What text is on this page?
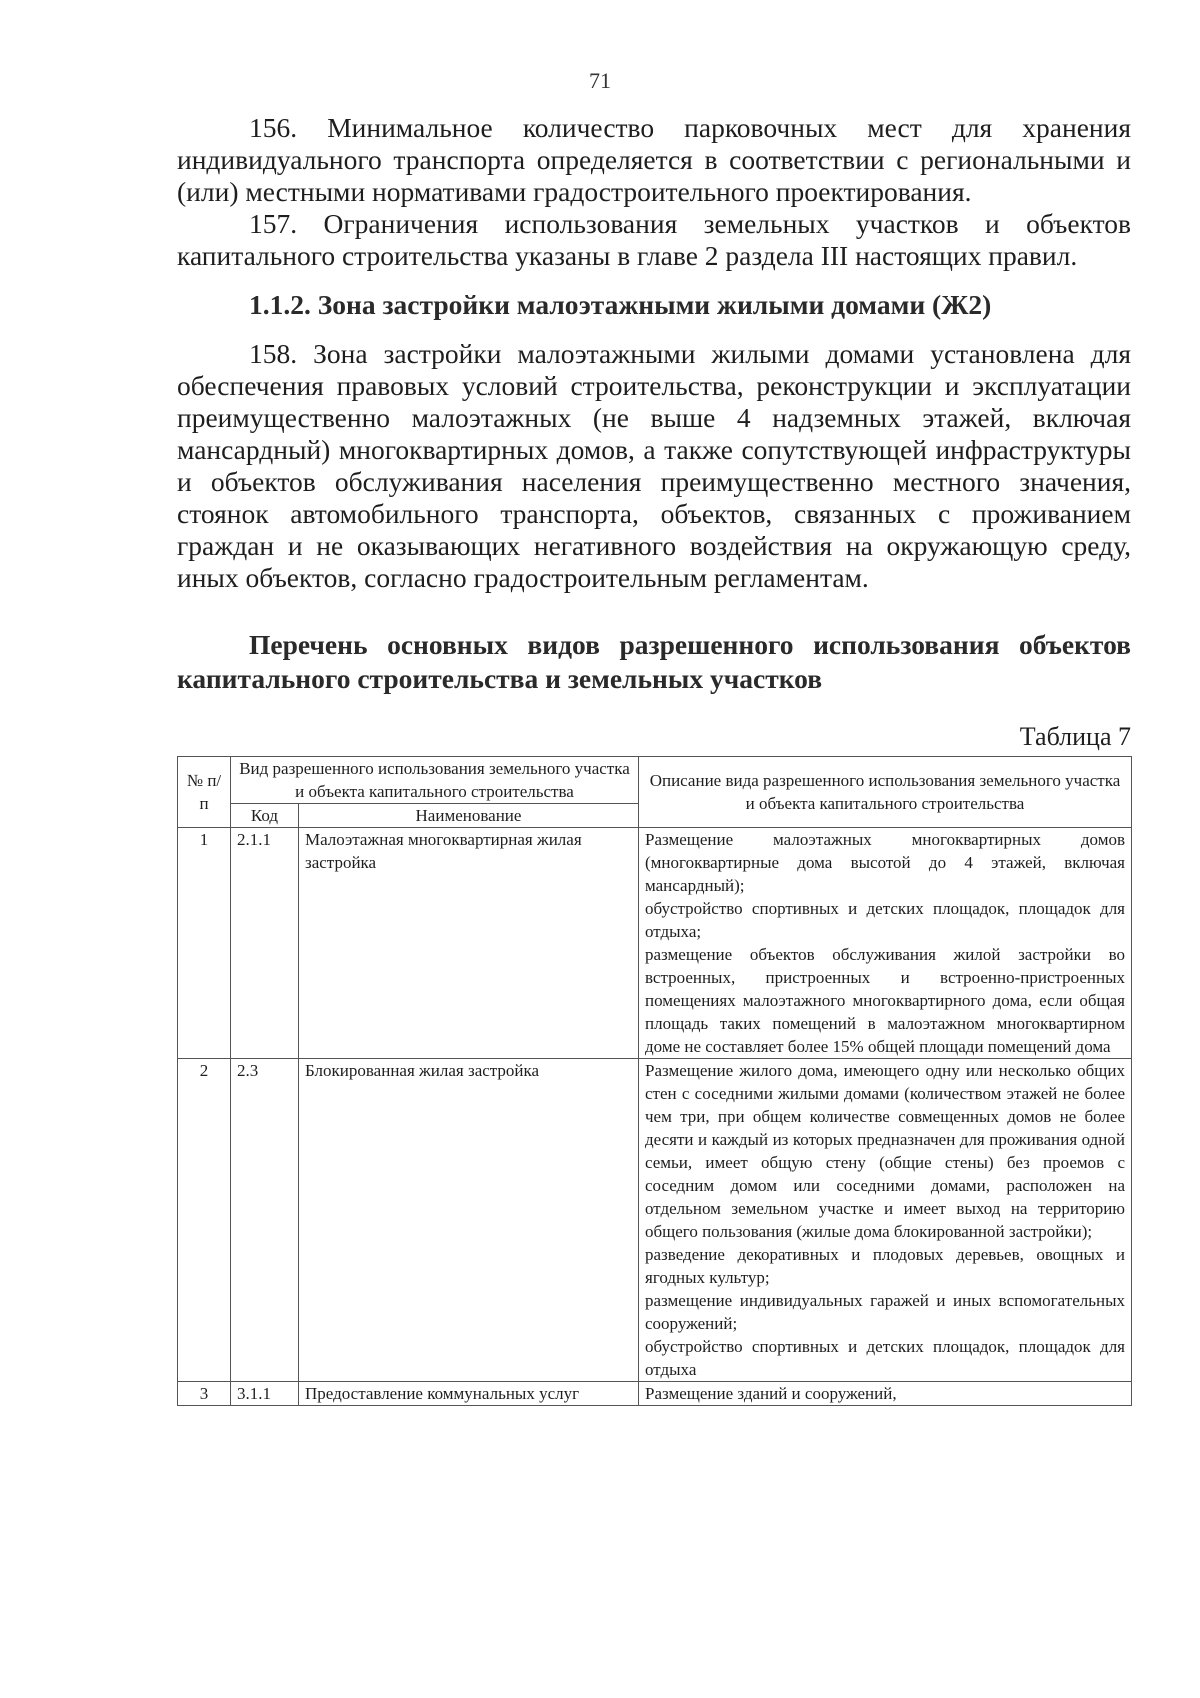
71

156. Минимальное количество парковочных мест для хранения индивидуального транспорта определяется в соответствии с региональными и (или) местными нормативами градостроительного проектирования.

157. Ограничения использования земельных участков и объектов капитального строительства указаны в главе 2 раздела III настоящих правил.

1.1.2. Зона застройки малоэтажными жилыми домами (Ж2)

158. Зона застройки малоэтажными жилыми домами установлена для обеспечения правовых условий строительства, реконструкции и эксплуатации преимущественно малоэтажных (не выше 4 надземных этажей, включая мансардный) многоквартирных домов, а также сопутствующей инфраструктуры и объектов обслуживания населения преимущественно местного значения, стоянок автомобильного транспорта, объектов, связанных с проживанием граждан и не оказывающих негативного воздействия на окружающую среду, иных объектов, согласно градостроительным регламентам.

Перечень основных видов разрешенного использования объектов капитального строительства и земельных участков
Таблица 7
№ п/п	Вид разрешенного использования земельного участка и объекта капитального строительства		Описание вида разрешенного использования земельного участка и объекта капитального строительства
	Код	Наименование	
1	2.1.1	Малоэтажная многоквартирная жилая застройка	Размещение малоэтажных многоквартирных домов (многоквартирные дома высотой до 4 этажей, включая мансардный);
обустройство спортивных и детских площадок, площадок для отдыха;
размещение объектов обслуживания жилой застройки во встроенных, пристроенных и встроенно-пристроенных помещениях малоэтажного многоквартирного дома, если общая площадь таких помещений в малоэтажном многоквартирном доме не составляет более 15% общей площади помещений дома

2	2.3	Блокированная жилая застройка	Размещение жилого дома, имеющего одну или несколько общих стен с соседними жилыми домами (количеством этажей не более чем три, при общем количестве совмещенных домов не более десяти и каждый из которых предназначен для проживания одной семьи, имеет общую стену (общие стены) без проемов с соседним домом или соседними домами, расположен на отдельном земельном участке и имеет выход на территорию общего пользования (жилые дома блокированной застройки);
разведение декоративных и плодовых деревьев, овощных и ягодных культур;
размещение индивидуальных гаражей и иных вспомогательных сооружений;
обустройство спортивных и детских площадок, площадок для отдыха

3	3.1.1	Предоставление коммунальных услуг	Размещение зданий и сооружений,
